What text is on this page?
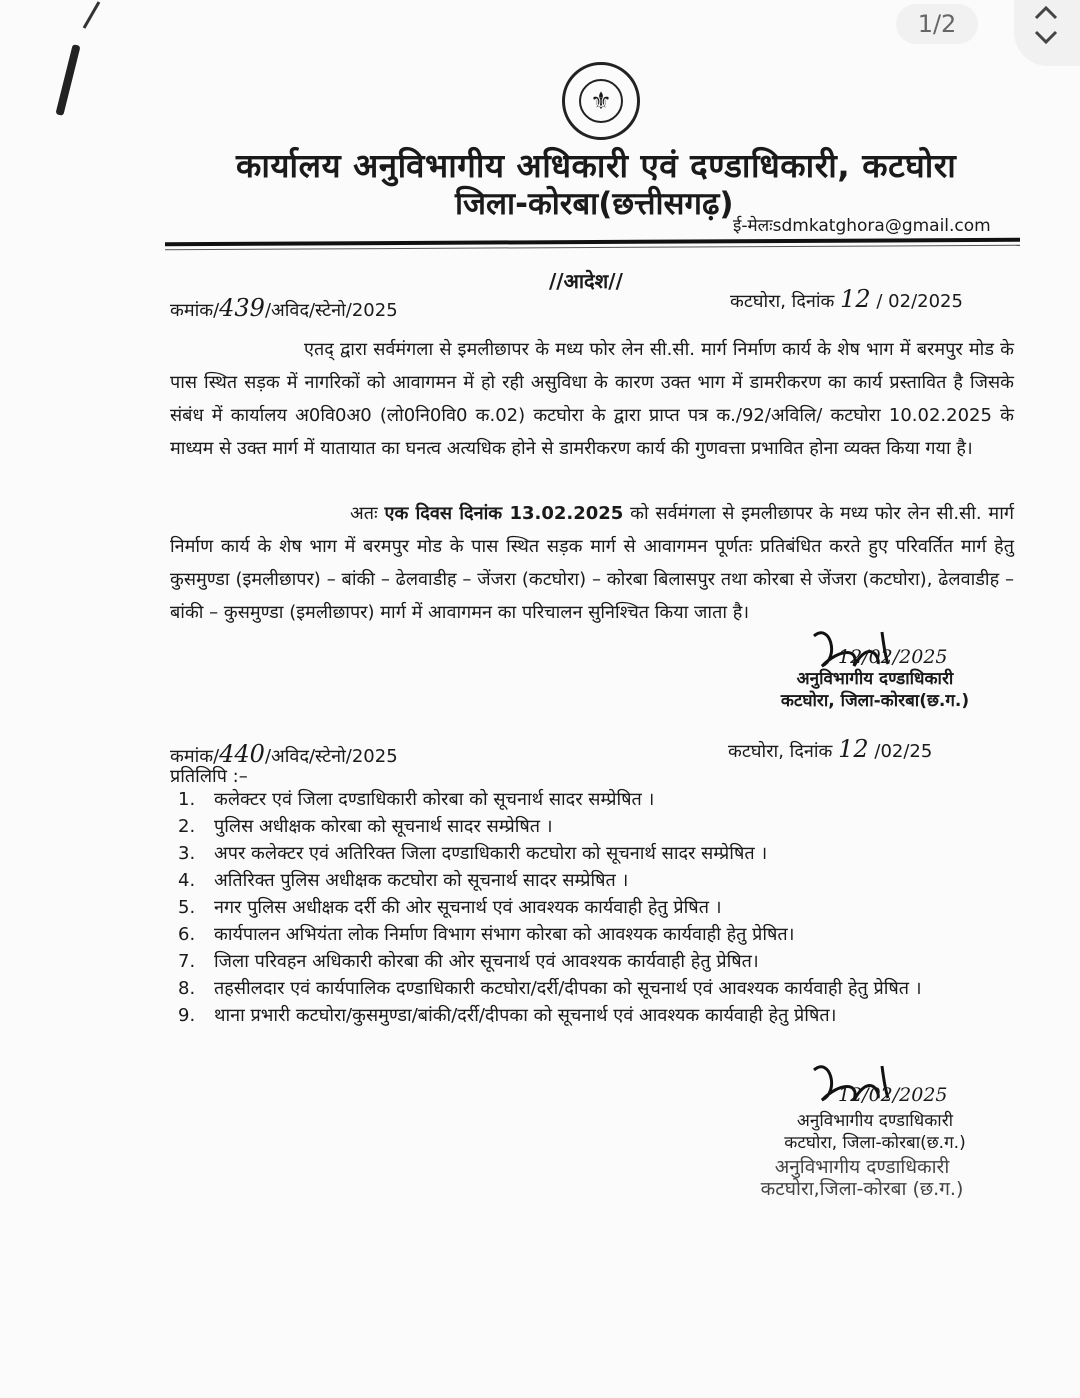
1/2
⚜
कार्यालय अनुविभागीय अधिकारी एवं दण्डाधिकारी, कटघोरा
जिला-कोरबा(छत्तीसगढ़)
ई-मेलःsdmkatghora@gmail.com
//आदेश//
कमांक/439/अविद/स्टेनो/2025	कटघोरा, दिनांक 12 / 02/2025
एतद् द्वारा सर्वमंगला से इमलीछापर के मध्य फोर लेन सी.सी. मार्ग निर्माण कार्य के शेष भाग में बरमपुर मोड के पास स्थित सड़क में नागरिकों को आवागमन में हो रही असुविधा के कारण उक्त भाग में डामरीकरण का कार्य प्रस्तावित है जिसके संबंध में कार्यालय अ0वि0अ0 (लो0नि0वि0 क.02) कटघोरा के द्वारा प्राप्त पत्र क./92/अविलि/ कटघोरा 10.02.2025 के माध्यम से उक्त मार्ग में यातायात का घनत्व अत्यधिक होने से डामरीकरण कार्य की गुणवत्ता प्रभावित होना व्यक्त किया गया है।
अतः एक दिवस दिनांक 13.02.2025 को सर्वमंगला से इमलीछापर के मध्य फोर लेन सी.सी. मार्ग निर्माण कार्य के शेष भाग में बरमपुर मोड के पास स्थित सड़क मार्ग से आवागमन पूर्णतः प्रतिबंधित करते हुए परिवर्तित मार्ग हेतु कुसमुण्डा (इमलीछापर) – बांकी – ढेलवाडीह – जेंजरा (कटघोरा) – कोरबा बिलासपुर तथा कोरबा से जेंजरा (कटघोरा), ढेलवाडीह – बांकी – कुसमुण्डा (इमलीछापर) मार्ग में आवागमन का परिचालन सुनिश्चित किया जाता है।
12/02/2025
अनुविभागीय दण्डाधिकारी
कटघोरा, जिला-कोरबा(छ.ग.)
कमांक/440/अविद/स्टेनो/2025	कटघोरा, दिनांक 12 /02/25
प्रतिलिपि :–
1. कलेक्टर एवं जिला दण्डाधिकारी कोरबा को सूचनार्थ सादर सम्प्रेषित ।
2. पुलिस अधीक्षक कोरबा को सूचनार्थ सादर सम्प्रेषित ।
3. अपर कलेक्टर एवं अतिरिक्त जिला दण्डाधिकारी कटघोरा को सूचनार्थ सादर सम्प्रेषित ।
4. अतिरिक्त पुलिस अधीक्षक कटघोरा को सूचनार्थ सादर सम्प्रेषित ।
5. नगर पुलिस अधीक्षक दर्री की ओर सूचनार्थ एवं आवश्यक कार्यवाही हेतु प्रेषित ।
6. कार्यपालन अभियंता लोक निर्माण विभाग संभाग कोरबा को आवश्यक कार्यवाही हेतु प्रेषित।
7. जिला परिवहन अधिकारी कोरबा की ओर सूचनार्थ एवं आवश्यक कार्यवाही हेतु प्रेषित।
8. तहसीलदार एवं कार्यपालिक दण्डाधिकारी कटघोरा/दर्री/दीपका को सूचनार्थ एवं आवश्यक कार्यवाही हेतु प्रेषित ।
9. थाना प्रभारी कटघोरा/कुसमुण्डा/बांकी/दर्री/दीपका को सूचनार्थ एवं आवश्यक कार्यवाही हेतु प्रेषित।
12/02/2025
अनुविभागीय दण्डाधिकारी
कटघोरा, जिला-कोरबा(छ.ग.)
अनुविभागीय दण्डाधिकारी
कटघोरा,जिला-कोरबा (छ.ग.)
